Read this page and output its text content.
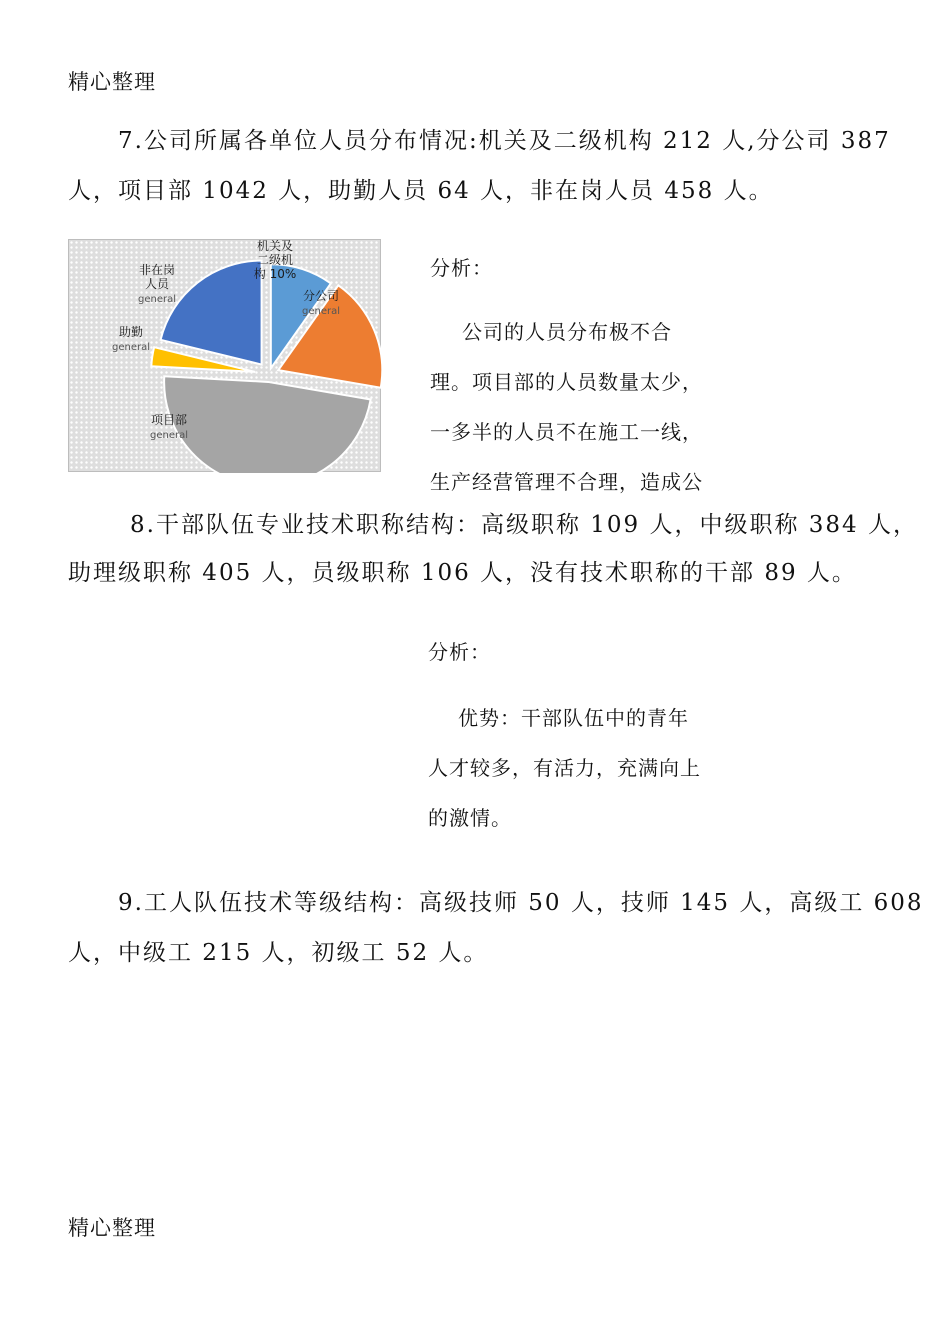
精心整理
7.公司所属各单位人员分布情况:机关及二级机构 212 人,分公司 387
人，项目部 1042 人，助勤人员 64 人，非在岗人员 458 人。
机关及
二级机
构 10%
分公司
general
项目部
general
助勤
general
非在岗
人员
general
分析：
公司的人员分布极不合
理。项目部的人员数量太少，
一多半的人员不在施工一线，
生产经营管理不合理，造成公
8.干部队伍专业技术职称结构：高级职称 109 人，中级职称 384 人，
助理级职称 405 人，员级职称 106 人，没有技术职称的干部 89 人。
分析：
优势：干部队伍中的青年
人才较多，有活力，充满向上
的激情。
9.工人队伍技术等级结构：高级技师 50 人，技师 145 人，高级工 608
人，中级工 215 人，初级工 52 人。
精心整理
